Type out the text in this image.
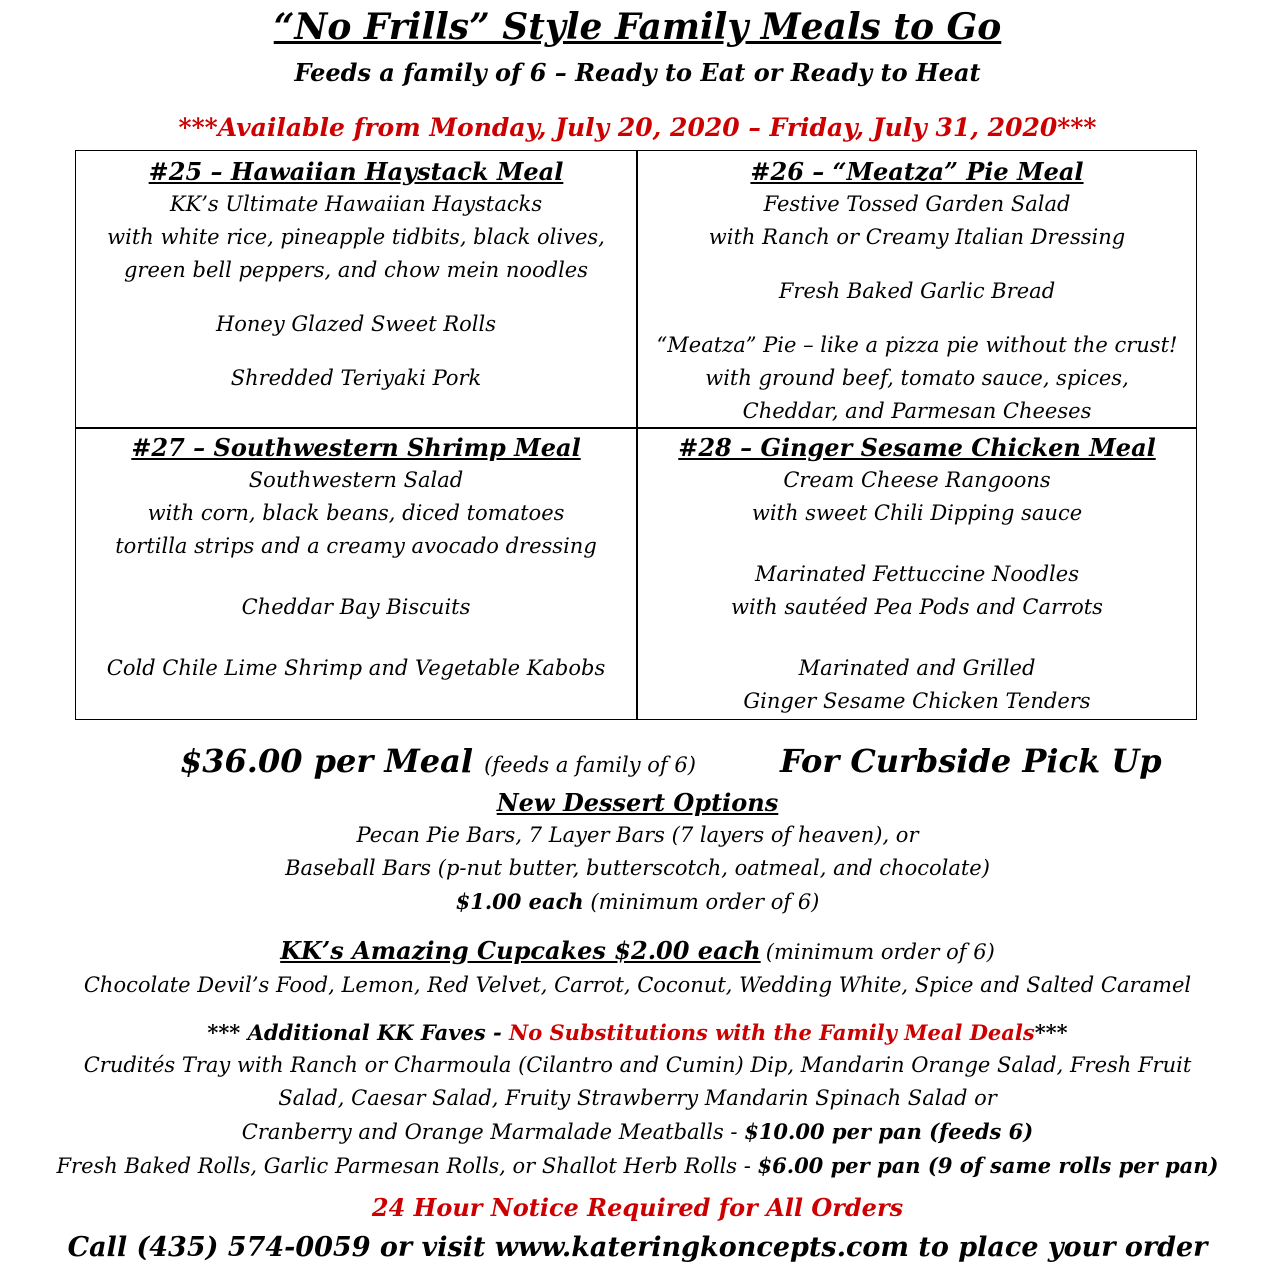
“No Frills” Style Family Meals to Go
Feeds a family of 6 – Ready to Eat or Ready to Heat
***Available from Monday, July 20, 2020 – Friday, July 31, 2020***
#25 – Hawaiian Haystack Meal
KK’s Ultimate Hawaiian Haystacks
with white rice, pineapple tidbits, black olives,
green bell peppers, and chow mein noodles
Honey Glazed Sweet Rolls
Shredded Teriyaki Pork
#26 – “Meatza” Pie Meal
Festive Tossed Garden Salad
with Ranch or Creamy Italian Dressing
Fresh Baked Garlic Bread
“Meatza” Pie – like a pizza pie without the crust!
with ground beef, tomato sauce, spices,
Cheddar, and Parmesan Cheeses
#27 – Southwestern Shrimp Meal
Southwestern Salad
with corn, black beans, diced tomatoes
tortilla strips and a creamy avocado dressing
Cheddar Bay Biscuits
Cold Chile Lime Shrimp and Vegetable Kabobs
#28 – Ginger Sesame Chicken Meal
Cream Cheese Rangoons
with sweet Chili Dipping sauce
Marinated Fettuccine Noodles
with sautéed Pea Pods and Carrots
Marinated and Grilled
Ginger Sesame Chicken Tenders
$36.00 per Meal (feeds a family of 6)	For Curbside Pick Up
New Dessert Options
Pecan Pie Bars, 7 Layer Bars (7 layers of heaven), or
Baseball Bars (p-nut butter, butterscotch, oatmeal, and chocolate)
$1.00 each (minimum order of 6)
KK’s Amazing Cupcakes $2.00 each (minimum order of 6)
Chocolate Devil’s Food, Lemon, Red Velvet, Carrot, Coconut, Wedding White, Spice and Salted Caramel
*** Additional KK Faves - No Substitutions with the Family Meal Deals***
Crudités Tray with Ranch or Charmoula (Cilantro and Cumin) Dip, Mandarin Orange Salad, Fresh Fruit
Salad, Caesar Salad, Fruity Strawberry Mandarin Spinach Salad or
Cranberry and Orange Marmalade Meatballs - $10.00 per pan (feeds 6)
Fresh Baked Rolls, Garlic Parmesan Rolls, or Shallot Herb Rolls - $6.00 per pan (9 of same rolls per pan)
24 Hour Notice Required for All Orders
Call (435) 574-0059 or visit www.kateringkoncepts.com to place your order
